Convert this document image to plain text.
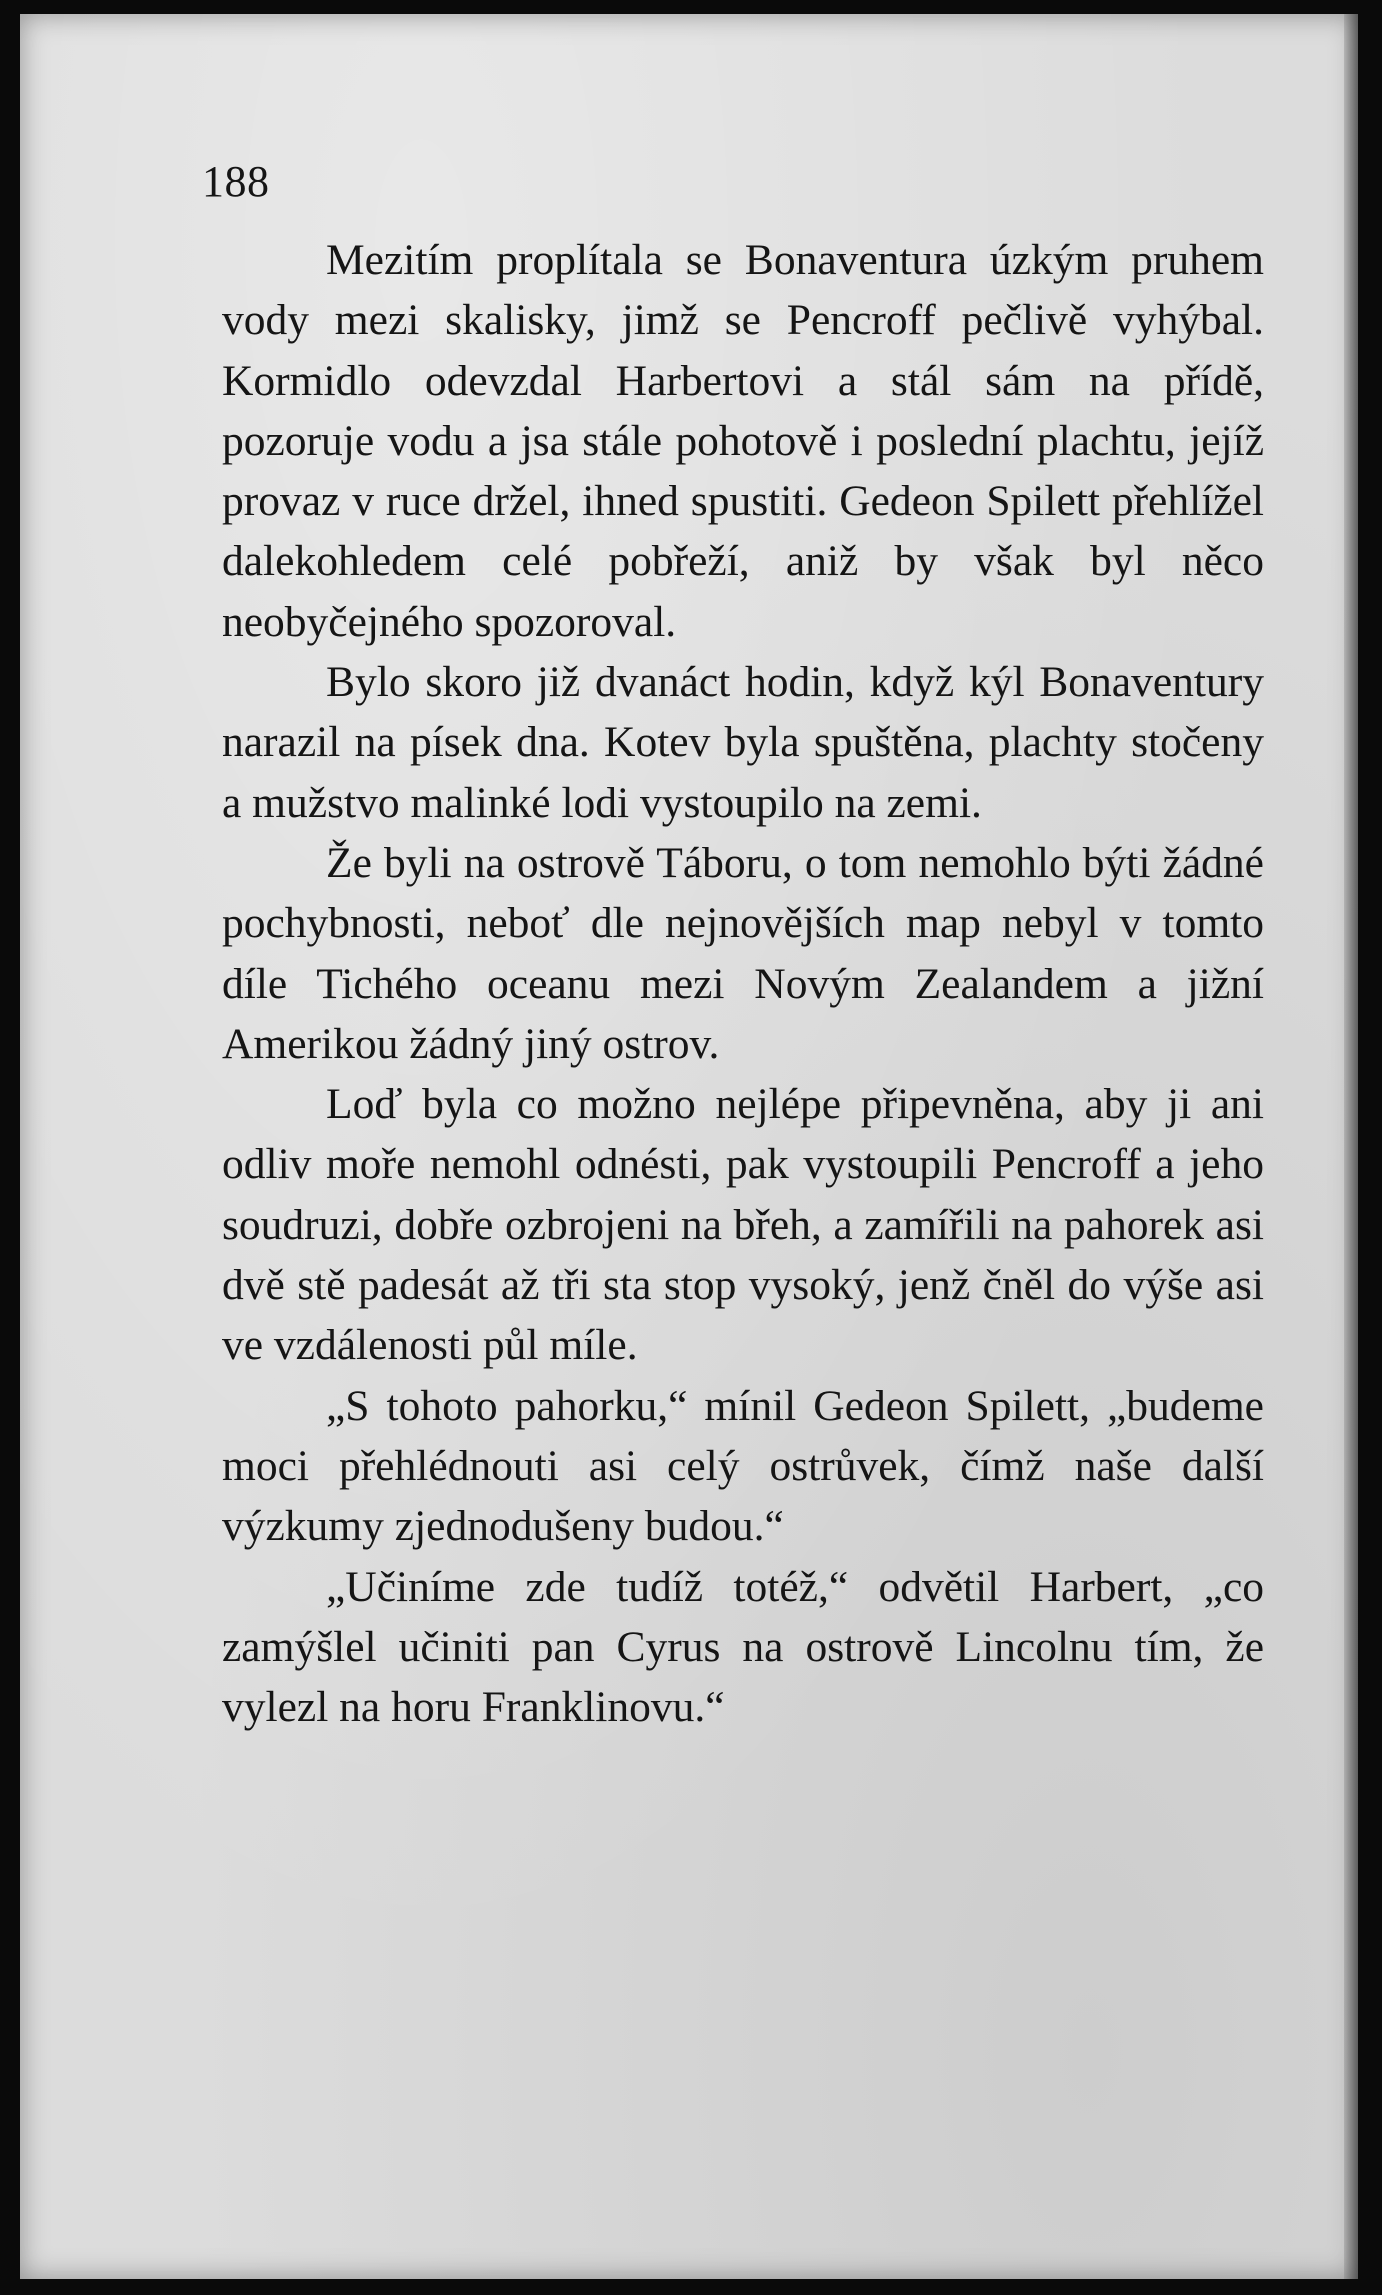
188

Mezitím proplítala se Bonaventura úzkým pruhem vody mezi skalisky, jimž se Pencroff pečlivě vyhýbal. Kormidlo odevzdal Harbertovi a stál sám na přídě, pozoruje vodu a jsa stále pohotově i poslední plachtu, jejíž provaz v ruce držel, ihned spustiti. Gedeon Spilett přehlížel dalekohledem celé pobřeží, aniž by však byl něco neobyčejného spozoroval.

Bylo skoro již dvanáct hodin, když kýl Bonaventury narazil na písek dna. Kotev byla spuštěna, plachty stočeny a mužstvo malinké lodi vystoupilo na zemi.

Že byli na ostrově Táboru, o tom nemohlo býti žádné pochybnosti, neboť dle nejnovějších map nebyl v tomto díle Tichého oceanu mezi Novým Zealandem a jižní Amerikou žádný jiný ostrov.

Loď byla co možno nejlépe připevněna, aby ji ani odliv moře nemohl odnésti, pak vystoupili Pencroff a jeho soudruzi, dobře ozbrojeni na břeh, a zamířili na pahorek asi dvě stě padesát až tři sta stop vysoký, jenž čněl do výše asi ve vzdálenosti půl míle.

„S tohoto pahorku,“ mínil Gedeon Spilett, „budeme moci přehlédnouti asi celý ostrůvek, čímž naše další výzkumy zjednodušeny budou.“

„Učiníme zde tudíž totéž,“ odvětil Harbert, „co zamýšlel učiniti pan Cyrus na ostrově Lincolnu tím, že vylezl na horu Franklinovu.“
